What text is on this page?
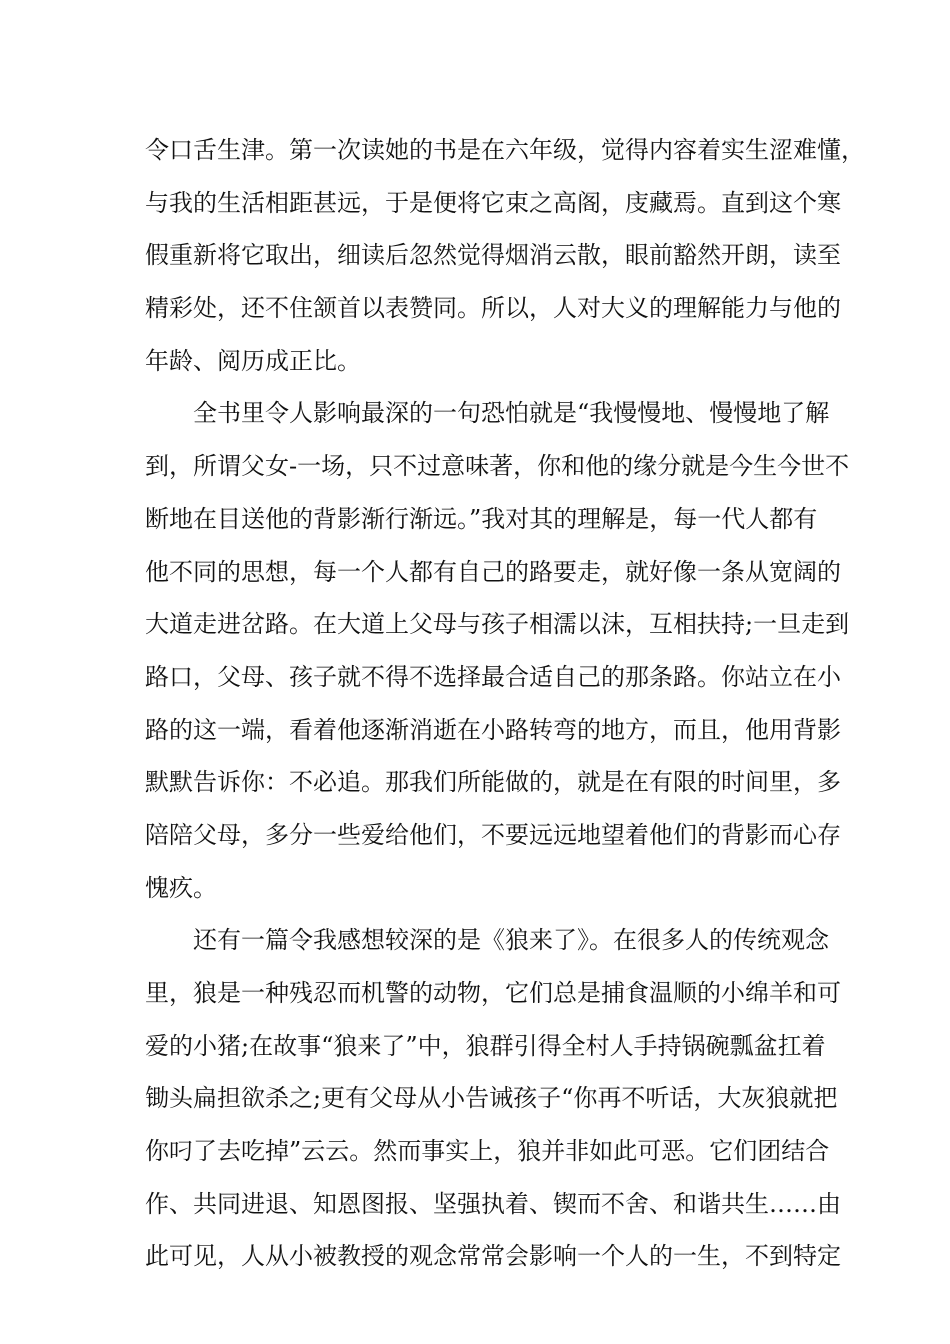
令口舌生津。第一次读她的书是在六年级，觉得内容着实生涩难懂，
与我的生活相距甚远，于是便将它束之高阁，庋藏焉。直到这个寒
假重新将它取出，细读后忽然觉得烟消云散，眼前豁然开朗，读至
精彩处，还不住颔首以表赞同。所以，人对大义的理解能力与他的
年龄、阅历成正比。
全书里令人影响最深的一句恐怕就是“我慢慢地、慢慢地了解
到，所谓父女-一场，只不过意味著，你和他的缘分就是今生今世不
断地在目送他的背影渐行渐远。”我对其的理解是，每一代人都有
他不同的思想，每一个人都有自己的路要走，就好像一条从宽阔的
大道走进岔路。在大道上父母与孩子相濡以沫，互相扶持;一旦走到
路口，父母、孩子就不得不选择最合适自己的那条路。你站立在小
路的这一端，看着他逐渐消逝在小路转弯的地方，而且，他用背影
默默告诉你：不必追。那我们所能做的，就是在有限的时间里，多
陪陪父母，多分一些爱给他们，不要远远地望着他们的背影而心存
愧疚。
还有一篇令我感想较深的是《狼来了》。在很多人的传统观念
里，狼是一种残忍而机警的动物，它们总是捕食温顺的小绵羊和可
爱的小猪;在故事“狼来了”中，狼群引得全村人手持锅碗瓢盆扛着
锄头扁担欲杀之;更有父母从小告诫孩子“你再不听话，大灰狼就把
你叼了去吃掉”云云。然而事实上，狼并非如此可恶。它们团结合
作、共同进退、知恩图报、坚强执着、锲而不舍、和谐共生……由
此可见，人从小被教授的观念常常会影响一个人的一生，不到特定
